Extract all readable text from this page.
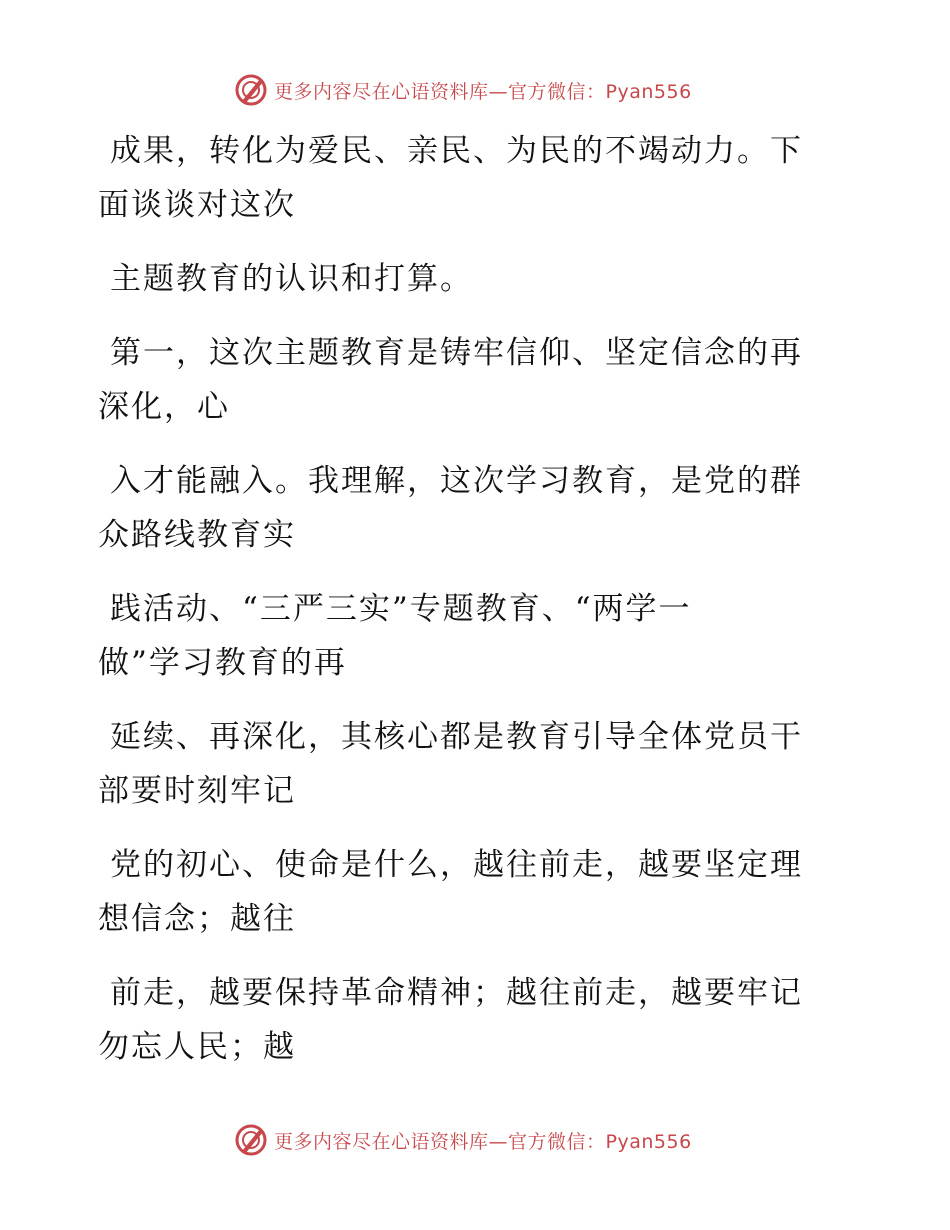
更多内容尽在心语资料库—官方微信：Pyan556

成果，转化为爱民、亲民、为民的不竭动力。下
面谈谈对这次

主题教育的认识和打算。

第一，这次主题教育是铸牢信仰、坚定信念的再
深化，心

入才能融入。我理解，这次学习教育，是党的群
众路线教育实

践活动、“三严三实”专题教育、“两学一
做”学习教育的再

延续、再深化，其核心都是教育引导全体党员干
部要时刻牢记

党的初心、使命是什么，越往前走，越要坚定理
想信念；越往

前走，越要保持革命精神；越往前走，越要牢记
勿忘人民；越

更多内容尽在心语资料库—官方微信：Pyan556
